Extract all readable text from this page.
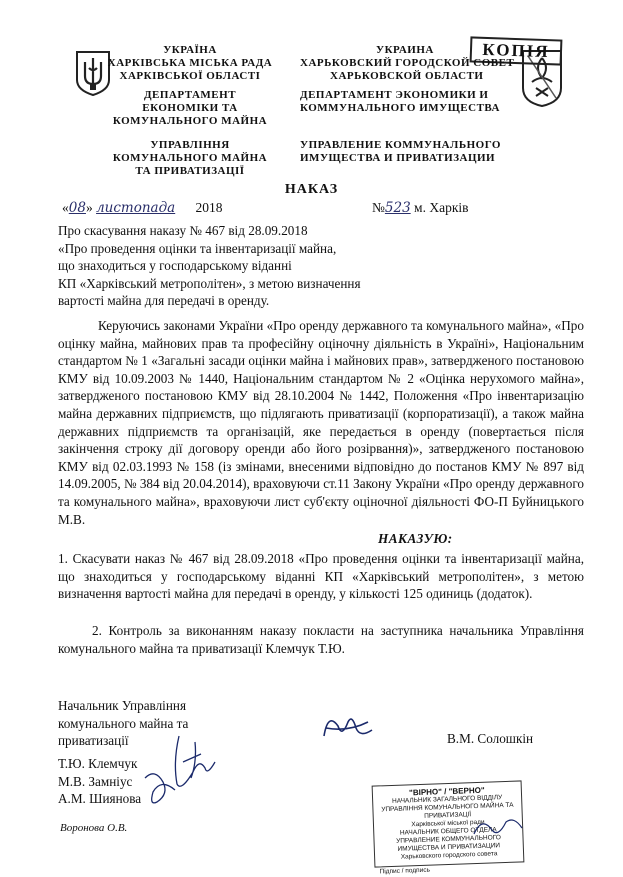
КОПІЯ
УКРАЇНА
ХАРКІВСЬКА МІСЬКА РАДА
ХАРКІВСЬКОЇ ОБЛАСТІ
ДЕПАРТАМЕНТ
ЕКОНОМІКИ ТА
КОМУНАЛЬНОГО МАЙНА
УПРАВЛІННЯ
КОМУНАЛЬНОГО МАЙНА
ТА ПРИВАТИЗАЦІЇ
УКРАИНА
ХАРЬКОВСКИЙ ГОРОДСКОЙ СОВЕТ
ХАРЬКОВСКОЙ ОБЛАСТИ
ДЕПАРТАМЕНТ ЭКОНОМИКИ И
КОММУНАЛЬНОГО ИМУЩЕСТВА
УПРАВЛЕНИЕ КОММУНАЛЬНОГО
ИМУЩЕСТВА И ПРИВАТИЗАЦИИ
НАКАЗ
«08» листопада 2018	№523 м. Харків
Про скасування наказу № 467 від 28.09.2018
«Про проведення оцінки та інвентаризації майна,
що знаходиться у господарському віданні
КП «Харківський метрополітен», з метою визначення
вартості майна для передачі в оренду.
Керуючись законами України «Про оренду державного та комунального майна», «Про оцінку майна, майнових прав та професійну оціночну діяльність в Україні», Національним стандартом № 1 «Загальні засади оцінки майна і майнових прав», затвердженого постановою КМУ від 10.09.2003 № 1440, Національним стандартом № 2 «Оцінка нерухомого майна», затвердженого постановою КМУ від 28.10.2004 № 1442, Положення «Про інвентаризацію майна державних підприємств, що підлягають приватизації (корпоратизації), а також майна державних підприємств та організацій, яке передається в оренду (повертається після закінчення строку дії договору оренди або його розірвання)», затвердженого постановою КМУ від 02.03.1993 № 158 (із змінами, внесеними відповідно до постанов КМУ № 897 від 14.09.2005, № 384 від 20.04.2014), враховуючи ст.11 Закону України «Про оренду державного та комунального майна», враховуючи лист суб'єкту оціночної діяльності ФО-П Буйницького М.В.
НАКАЗУЮ:
1. Скасувати наказ № 467 від 28.09.2018 «Про проведення оцінки та інвентаризації майна, що знаходиться у господарському віданні КП «Харківський метрополітен», з метою визначення вартості майна для передачі в оренду, у кількості 125 одиниць (додаток).
2. Контроль за виконанням наказу покласти на заступника начальника Управління комунального майна та приватизації Клемчук Т.Ю.
Начальник Управління
комунального майна та
приватизації	В.М. Солошкін
Т.Ю. Клемчук
М.В. Замніус
А.М. Шиянова
Воронова О.В.
"ВІРНО" / "ВЕРНО"
НАЧАЛЬНИК ЗАГАЛЬНОГО ВІДДІЛУ
УПРАВЛІННЯ КОМУНАЛЬНОГО МАЙНА ТА ПРИВАТИЗАЦІЇ
Харківської міської ради
НАЧАЛЬНИК ОБЩЕГО ОТДЕЛА
УПРАВЛЕНИЕ КОММУНАЛЬНОГО ИМУЩЕСТВА И ПРИВАТИЗАЦИИ
Харьковского городского совета
Підпис / подпись
